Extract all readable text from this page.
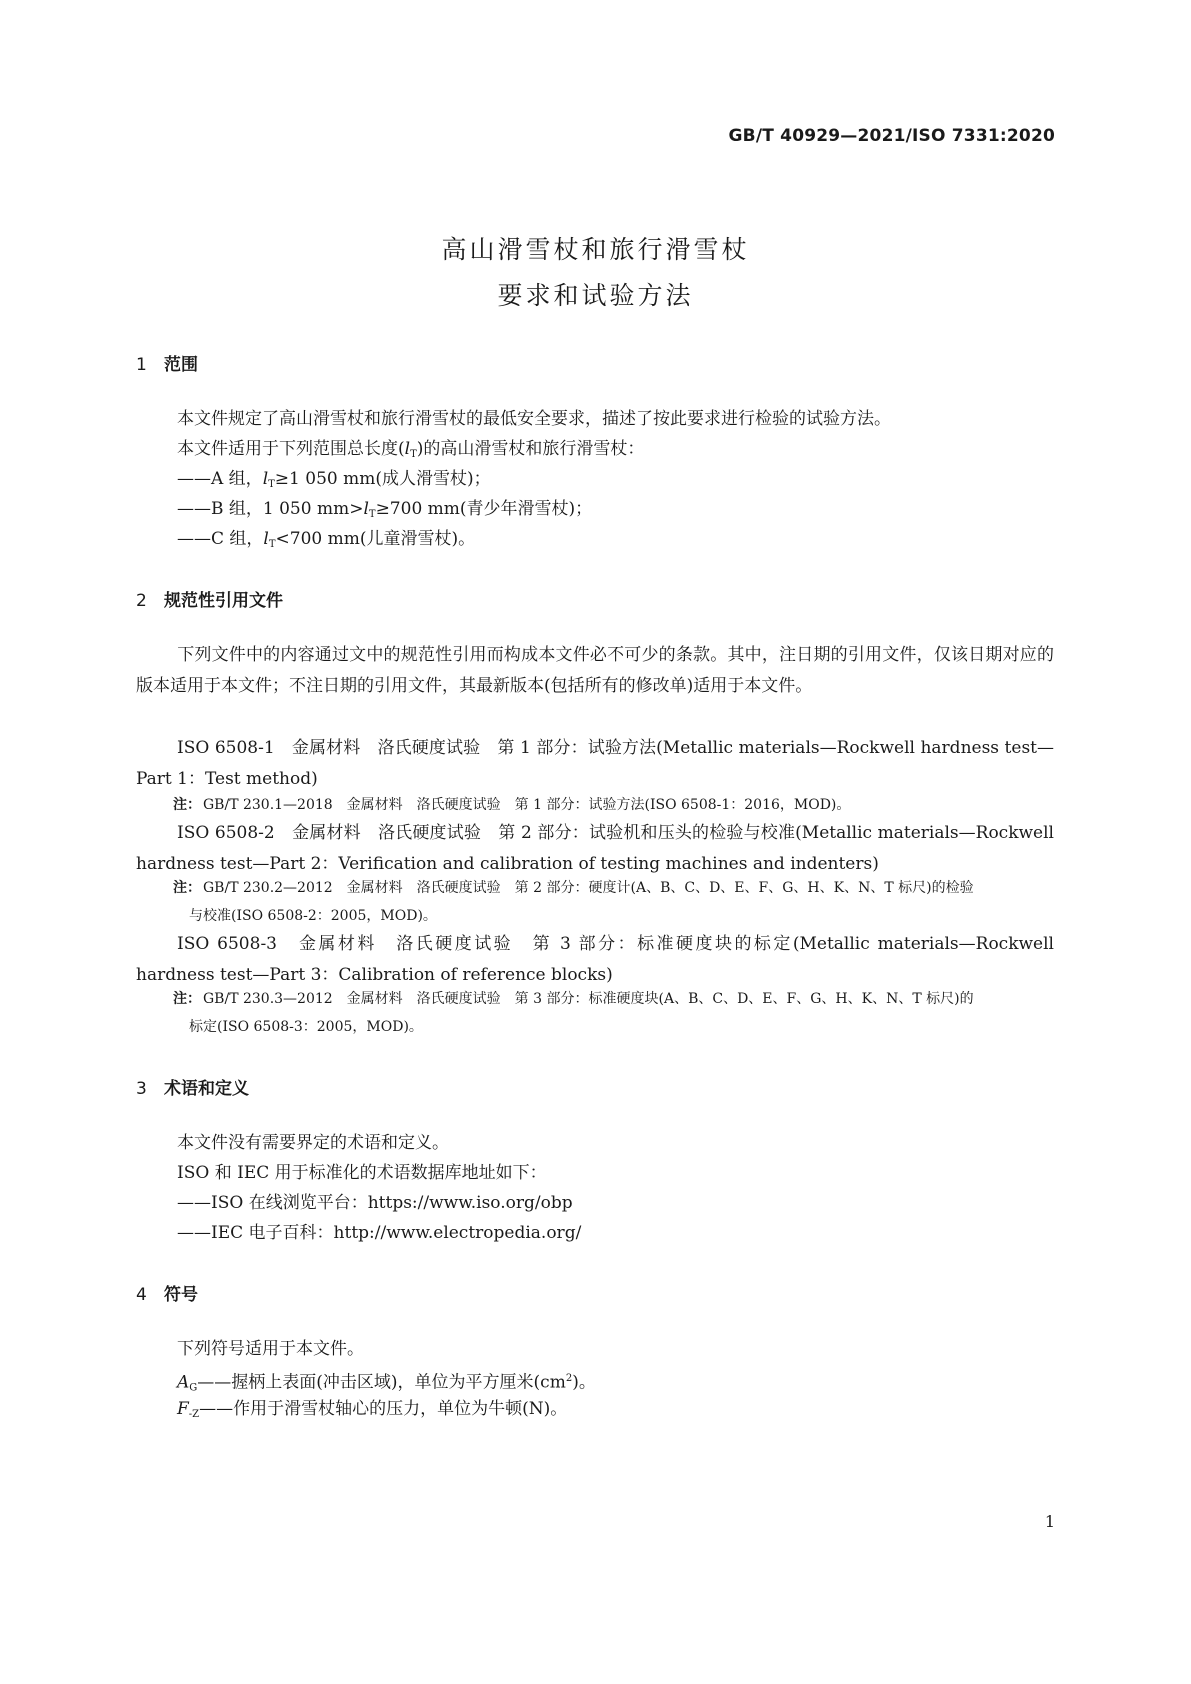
GB/T 40929—2021/ISO 7331:2020
高山滑雪杖和旅行滑雪杖
要求和试验方法
1 范围
本文件规定了高山滑雪杖和旅行滑雪杖的最低安全要求，描述了按此要求进行检验的试验方法。
本文件适用于下列范围总长度$(l_T)$的高山滑雪杖和旅行滑雪杖：
——A 组，$l_T\ge 1$ 050 mm(成人滑雪杖)；
——B 组，1 050 $mm>l_T\ge 700$ mm(青少年滑雪杖)；
——C 组，$l_T<700$ mm(儿童滑雪杖)。
2 规范性引用文件
下列文件中的内容通过文中的规范性引用而构成本文件必不可少的条款。其中，注日期的引用文件，仅该日期对应的版本适用于本文件；不注日期的引用文件，其最新版本(包括所有的修改单)适用于本文件。
ISO 6508-1　金属材料　洛氏硬度试验　第 1 部分：试验方法(Metallic materials—Rockwell hardness test—Part 1：Test method)
注： GB/T 230.1—2018　金属材料　洛氏硬度试验　第 1 部分：试验方法(ISO 6508-1：2016，MOD)。
ISO 6508-2　金属材料　洛氏硬度试验　第 2 部分：试验机和压头的检验与校准(Metallic materials—Rockwell hardness test—Part 2：Verification and calibration of testing machines and indenters)
注： GB/T 230.2—2012　金属材料　洛氏硬度试验　第 2 部分：硬度计(A、B、C、D、E、F、G、H、K、N、T 标尺)的检验
与校准(ISO 6508-2：2005，MOD)。
ISO 6508-3　金属材料　洛氏硬度试验　第 3 部分：标准硬度块的标定(Metallic materials—Rockwell hardness test—Part 3：Calibration of reference blocks)
注： GB/T 230.3—2012　金属材料　洛氏硬度试验　第 3 部分：标准硬度块(A、B、C、D、E、F、G、H、K、N、T 标尺)的
标定(ISO 6508-3：2005，MOD)。
3 术语和定义
本文件没有需要界定的术语和定义。
ISO 和 IEC 用于标准化的术语数据库地址如下：
——ISO 在线浏览平台：https://www.iso.org/obp
——IEC 电子百科：http://www.electropedia.org/
4 符号
下列符号适用于本文件。
$A_G——$握柄上表面(冲击区域)，单位为平方厘米$(cm^2)$。
$F_{-Z}——$作用于滑雪杖轴心的压力，单位为牛顿(N)。
1
